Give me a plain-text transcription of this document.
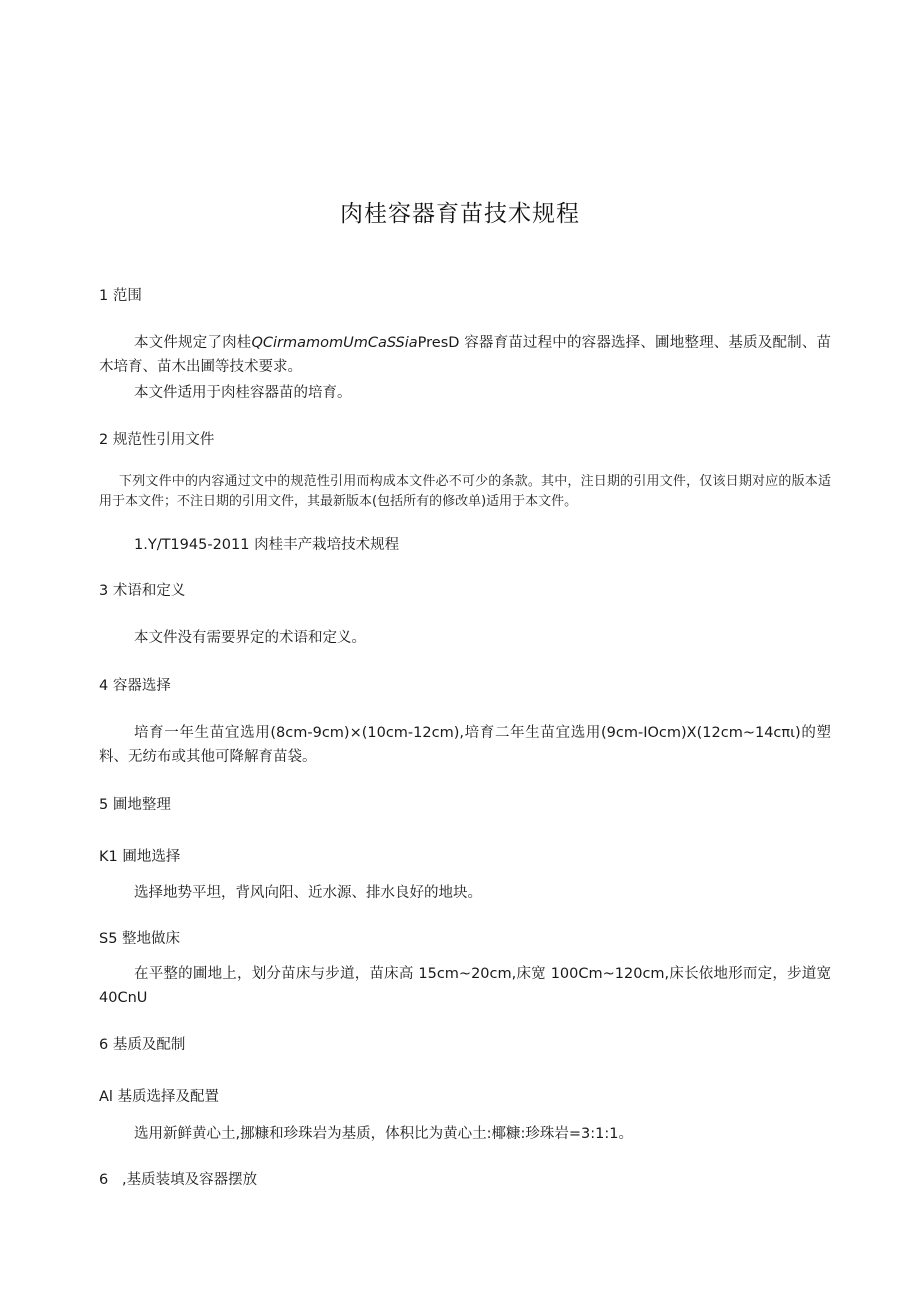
肉桂容器育苗技术规程
1 范围
本文件规定了肉桂QCirmamomUmCaSSiaPresD 容器育苗过程中的容器选择、圃地整理、基质及配制、苗木培育、苗木出圃等技术要求。
本文件适用于肉桂容器苗的培育。
2 规范性引用文件
下列文件中的内容通过文中的规范性引用而构成本文件必不可少的条款。其中，注日期的引用文件，仅该日期对应的版本适用于本文件；不注日期的引用文件，其最新版本(包括所有的修改单)适用于本文件。
1.Y/T1945-2011 肉桂丰产栽培技术规程
3 术语和定义
本文件没有需要界定的术语和定义。
4 容器选择
培育一年生苗宜选用(8cm-9cm)×(10cm-12cm),培育二年生苗宜选用(9cm-IOcm)X(12cm~14cπι)的塑料、无纺布或其他可降解育苗袋。
5 圃地整理
K1 圃地选择
选择地势平坦，背风向阳、近水源、排水良好的地块。
S5 整地做床
在平整的圃地上，划分苗床与步道，苗床高 15cm~20cm,床宽 100Cm~120cm,床长依地形而定，步道宽 40CnU
6 基质及配制
Al 基质选择及配置
选用新鲜黄心土,挪糠和珍珠岩为基质，体积比为黄心土:椰糠:珍珠岩=3:1:1。
6   ,基质装填及容器摆放
